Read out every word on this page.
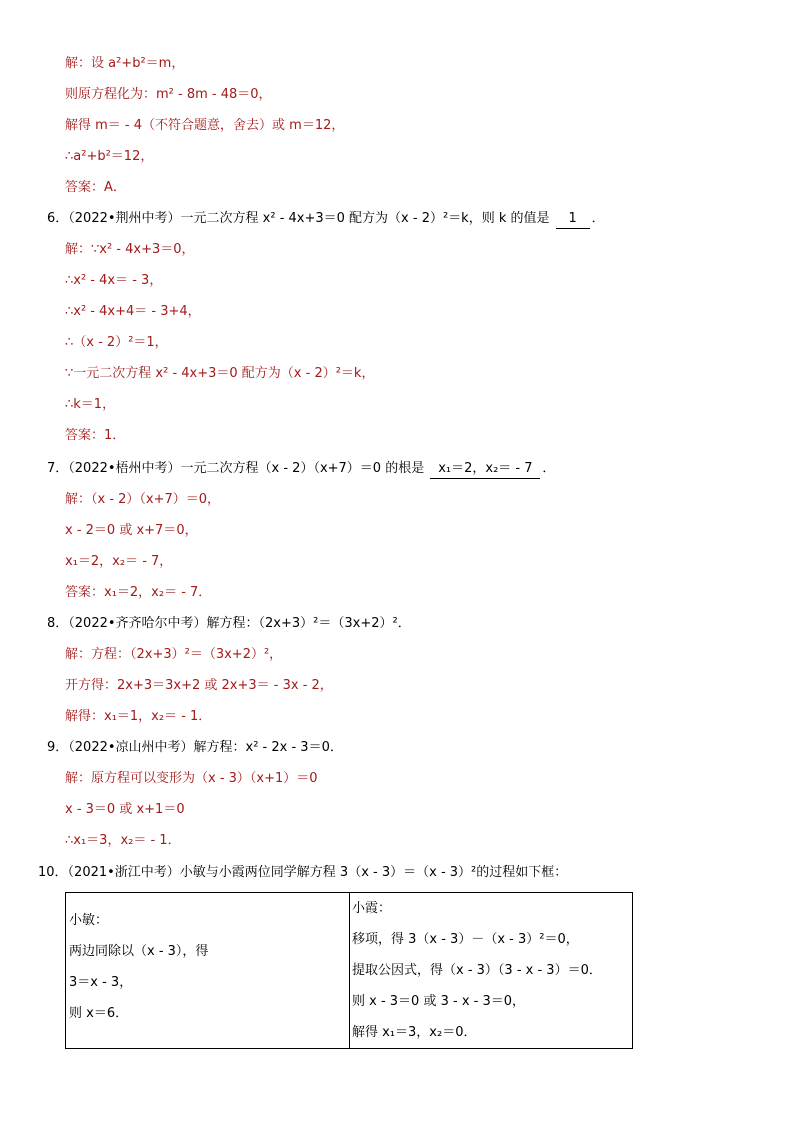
解：设 a²+b²＝m，
则原方程化为：m² - 8m - 48＝0，
解得 m＝ - 4（不符合题意，舍去）或 m＝12，
∴a²+b²＝12，
答案：A．
6．（2022•荆州中考）一元二次方程 x² - 4x+3＝0 配方为（x - 2）²＝k，则 k 的值是 1 ．
解：∵x² - 4x+3＝0，
∴x² - 4x＝ - 3，
∴x² - 4x+4＝ - 3+4，
∴（x - 2）²＝1，
∵一元二次方程 x² - 4x+3＝0 配方为（x - 2）²＝k，
∴k＝1，
答案：1．
7．（2022•梧州中考）一元二次方程（x - 2）（x+7）＝0 的根是 x₁＝2，x₂＝ - 7 ．
解：（x - 2）（x+7）＝0，
x - 2＝0 或 x+7＝0，
x₁＝2，x₂＝ - 7，
答案：x₁＝2，x₂＝ - 7．
8．（2022•齐齐哈尔中考）解方程：（2x+3）²＝（3x+2）²．
解：方程：（2x+3）²＝（3x+2）²，
开方得：2x+3＝3x+2 或 2x+3＝ - 3x - 2，
解得：x₁＝1，x₂＝ - 1．
9．（2022•凉山州中考）解方程：x² - 2x - 3＝0．
解：原方程可以变形为（x - 3）（x+1）＝0
x - 3＝0 或 x+1＝0
∴x₁＝3，x₂＝ - 1．
10．（2021•浙江中考）小敏与小霞两位同学解方程 3（x - 3）＝（x - 3）²的过程如下框：
小敏：
两边同除以（x - 3），得
3＝x - 3，
则 x＝6．
小霞：
移项，得 3（x - 3）－（x - 3）²＝0，
提取公因式，得（x - 3）（3 - x - 3）＝0．
则 x - 3＝0 或 3 - x - 3＝0，
解得 x₁＝3，x₂＝0．
